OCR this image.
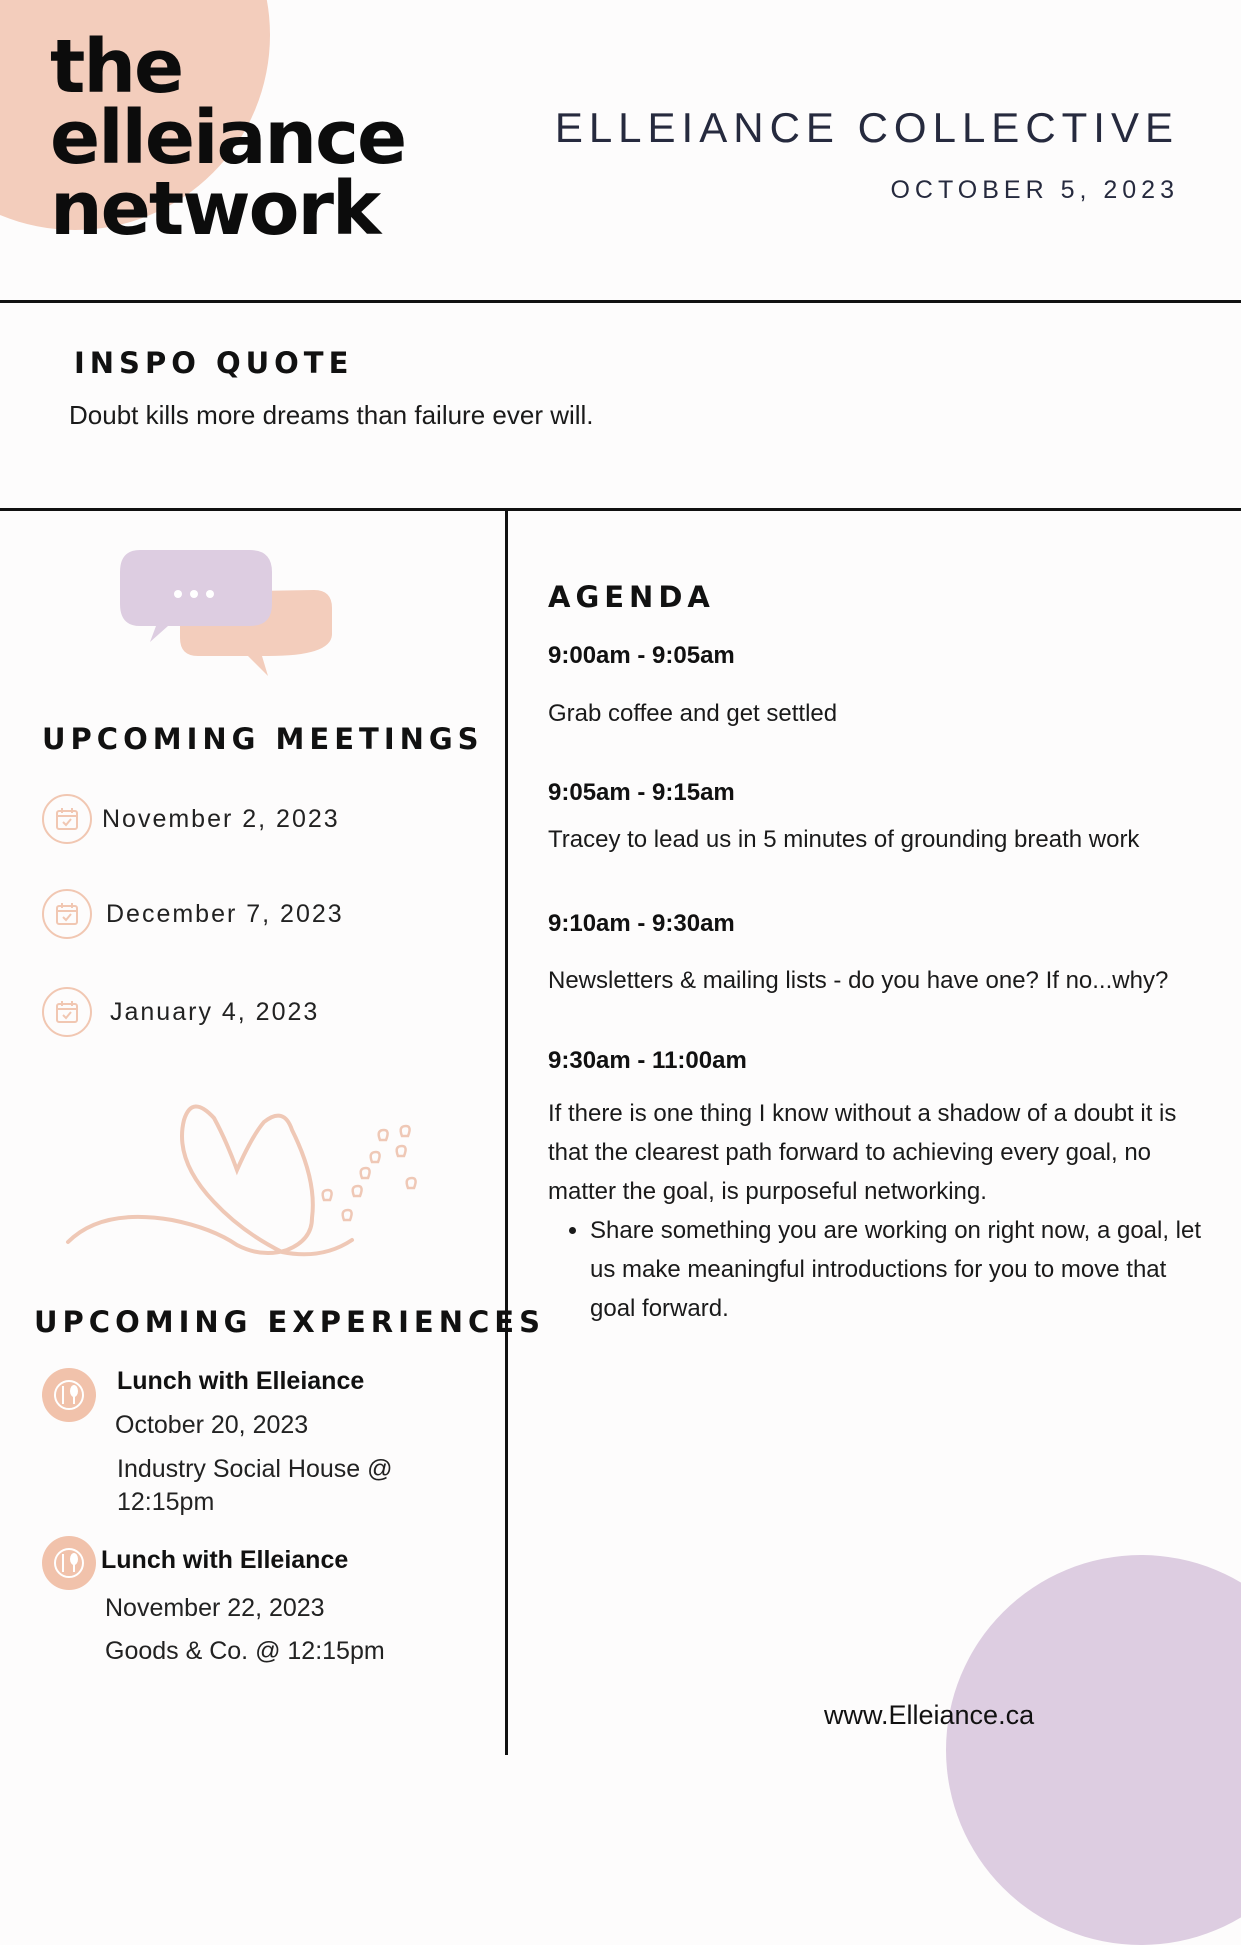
the
elleiance
network
ELLEIANCE COLLECTIVE
OCTOBER 5, 2023
INSPO QUOTE
Doubt kills more dreams than failure ever will.
UPCOMING MEETINGS
November 2, 2023
December 7, 2023
January 4, 2023
UPCOMING EXPERIENCES
Lunch with Elleiance
October 20, 2023
Industry Social House @ 12:15pm
Lunch with Elleiance
November 22, 2023
Goods & Co. @ 12:15pm
AGENDA
9:00am - 9:05am
Grab coffee and get settled
9:05am - 9:15am
Tracey to lead us in 5 minutes of grounding breath work
9:10am - 9:30am
Newsletters & mailing lists - do you have one? If no...why?
9:30am - 11:00am
If there is one thing I know without a shadow of a doubt it is that the clearest path forward to achieving every goal, no matter the goal, is purposeful networking.
• Share something you are working on right now, a goal, let us make meaningful introductions for you to move that goal forward.
www.Elleiance.ca
